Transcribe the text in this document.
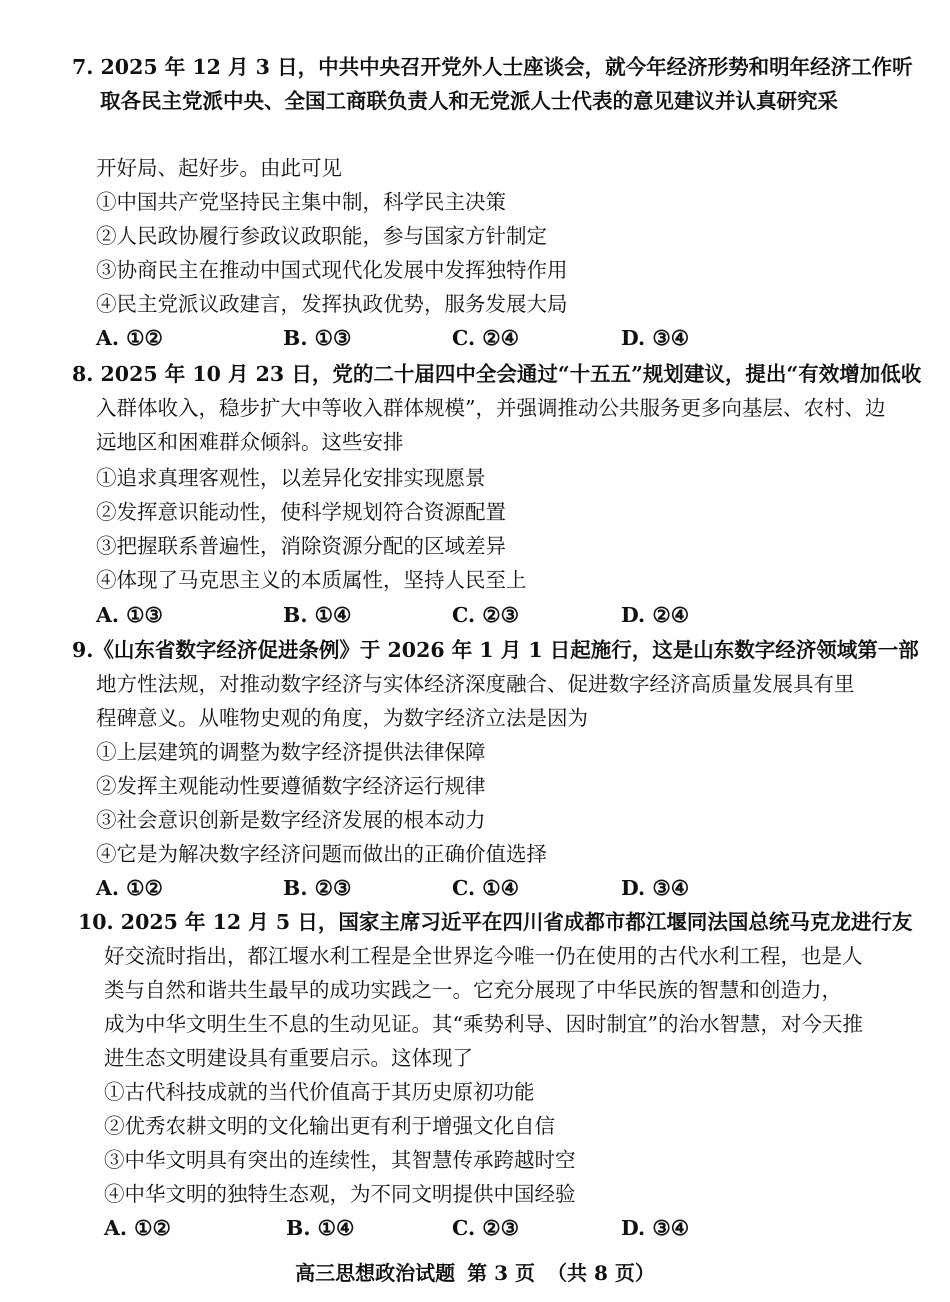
7. 2025 年 12 月 3 日，中共中央召开党外人士座谈会，就今年经济形势和明年经济工作听
取各民主党派中央、全国工商联负责人和无党派人士代表的意见建议并认真研究采
开好局、起好步。由此可见
①中国共产党坚持民主集中制，科学民主决策
②人民政协履行参政议政职能，参与国家方针制定
③协商民主在推动中国式现代化发展中发挥独特作用
④民主党派议政建言，发挥执政优势，服务发展大局
A. ①②	B. ①③	C. ②④	D. ③④
8. 2025 年 10 月 23 日，党的二十届四中全会通过“十五五”规划建议，提出“有效增加低收
入群体收入，稳步扩大中等收入群体规模”，并强调推动公共服务更多向基层、农村、边
远地区和困难群众倾斜。这些安排
①追求真理客观性，以差异化安排实现愿景
②发挥意识能动性，使科学规划符合资源配置
③把握联系普遍性，消除资源分配的区域差异
④体现了马克思主义的本质属性，坚持人民至上
A. ①③	B. ①④	C. ②③	D. ②④
9.《山东省数字经济促进条例》于 2026 年 1 月 1 日起施行，这是山东数字经济领域第一部
地方性法规，对推动数字经济与实体经济深度融合、促进数字经济高质量发展具有里
程碑意义。从唯物史观的角度，为数字经济立法是因为
①上层建筑的调整为数字经济提供法律保障
②发挥主观能动性要遵循数字经济运行规律
③社会意识创新是数字经济发展的根本动力
④它是为解决数字经济问题而做出的正确价值选择
A. ①②	B. ②③	C. ①④	D. ③④
10. 2025 年 12 月 5 日，国家主席习近平在四川省成都市都江堰同法国总统马克龙进行友
好交流时指出，都江堰水利工程是全世界迄今唯一仍在使用的古代水利工程，也是人
类与自然和谐共生最早的成功实践之一。它充分展现了中华民族的智慧和创造力，
成为中华文明生生不息的生动见证。其“乘势利导、因时制宜”的治水智慧，对今天推
进生态文明建设具有重要启示。这体现了
①古代科技成就的当代价值高于其历史原初功能
②优秀农耕文明的文化输出更有利于增强文化自信
③中华文明具有突出的连续性，其智慧传承跨越时空
④中华文明的独特生态观，为不同文明提供中国经验
A. ①②	B. ①④	C. ②③	D. ③④
高三思想政治试题 第 3 页 （共 8 页）
